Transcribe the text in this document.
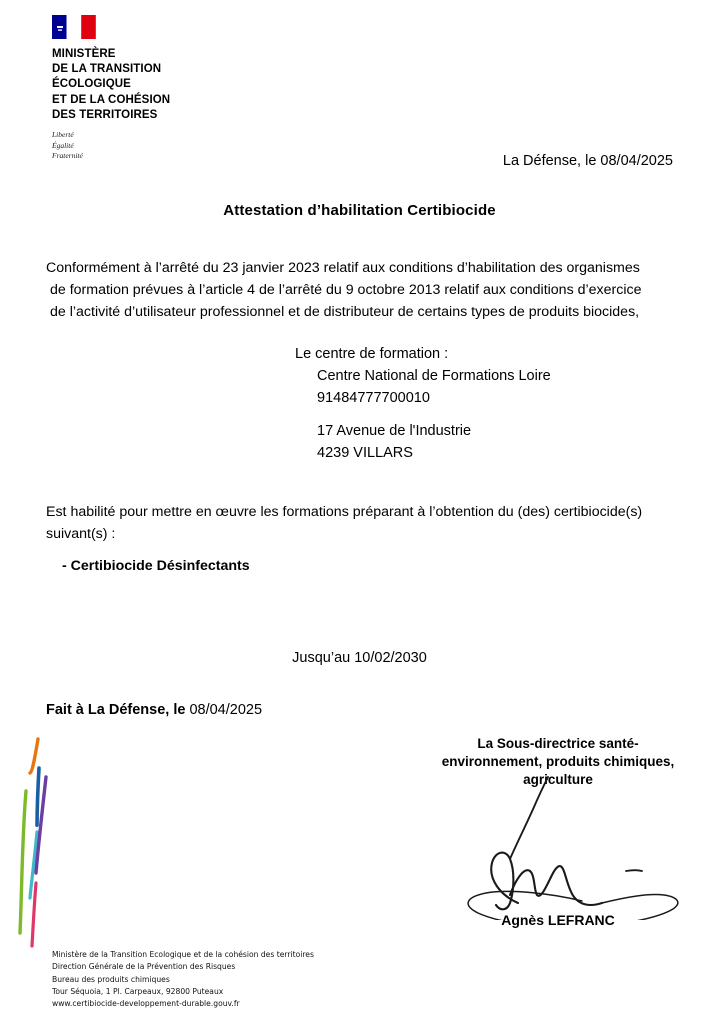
MINISTÈRE
DE LA TRANSITION
ÉCOLOGIQUE
ET DE LA COHÉSION
DES TERRITOIRES
Liberté
Égalité
Fraternité	La Défense, le 08/04/2025
Attestation d’habilitation Certibiocide
Conformément à l’arrêté du 23 janvier 2023 relatif aux conditions d’habilitation des organismes
de formation prévues à l’article 4 de l’arrêté du 9 octobre 2013 relatif aux conditions d’exercice
de l’activité d’utilisateur professionnel et de distributeur de certains types de produits biocides,
Le centre de formation :
Centre National de Formations Loire
91484777700010
17 Avenue de l'Industrie
4239 VILLARS
Est habilité pour mettre en œuvre les formations préparant à l’obtention du (des) certibiocide(s)
suivant(s) :
- Certibiocide Désinfectants
Jusqu’au 10/02/2030
Fait à La Défense, le 08/04/2025
La Sous-directrice santé-
environnement, produits chimiques,
agriculture
Agnès LEFRANC
Ministère de la Transition Ecologique et de la cohésion des territoires
Direction Générale de la Prévention des Risques
Bureau des produits chimiques
Tour Séquoia, 1 Pl. Carpeaux, 92800 Puteaux
www.certibiocide-developpement-durable.gouv.fr
